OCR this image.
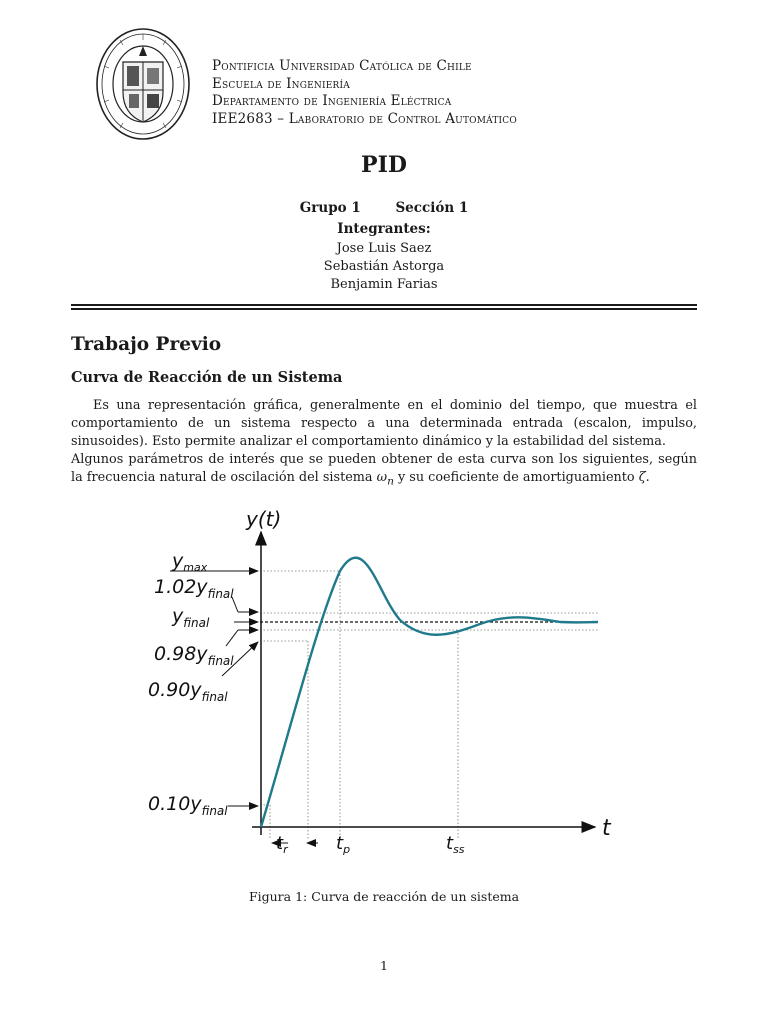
Pontificia Universidad Católica de Chile
Escuela de Ingeniería
Departamento de Ingeniería Eléctrica
IEE2683 – Laboratorio de Control Automático
PID
Grupo 1	Sección 1
Integrantes:
Jose Luis Saez
Sebastián Astorga
Benjamin Farias
Trabajo Previo
Curva de Reacción de un Sistema

Es una representación gráfica, generalmente en el dominio del tiempo, que muestra el comportamiento de un sistema respecto a una determinada entrada (escalon, impulso, sinusoides). Esto permite analizar el comportamiento dinámico y la estabilidad del sistema.

Algunos parámetros de interés que se pueden obtener de esta curva son los siguientes, según la frecuencia natural de oscilación del sistema $\omega_n$ y su coeficiente de amortiguamiento ζ.

y(t)
t
$y_{max}$
$1.02y_{final}$
$y_{final}$
$0.98y_{final}$
$0.90y_{final}$
$0.10y_{final}$
$t_r$	$t_p$	$t_{ss}$
Figura 1: Curva de reacción de un sistema
1
